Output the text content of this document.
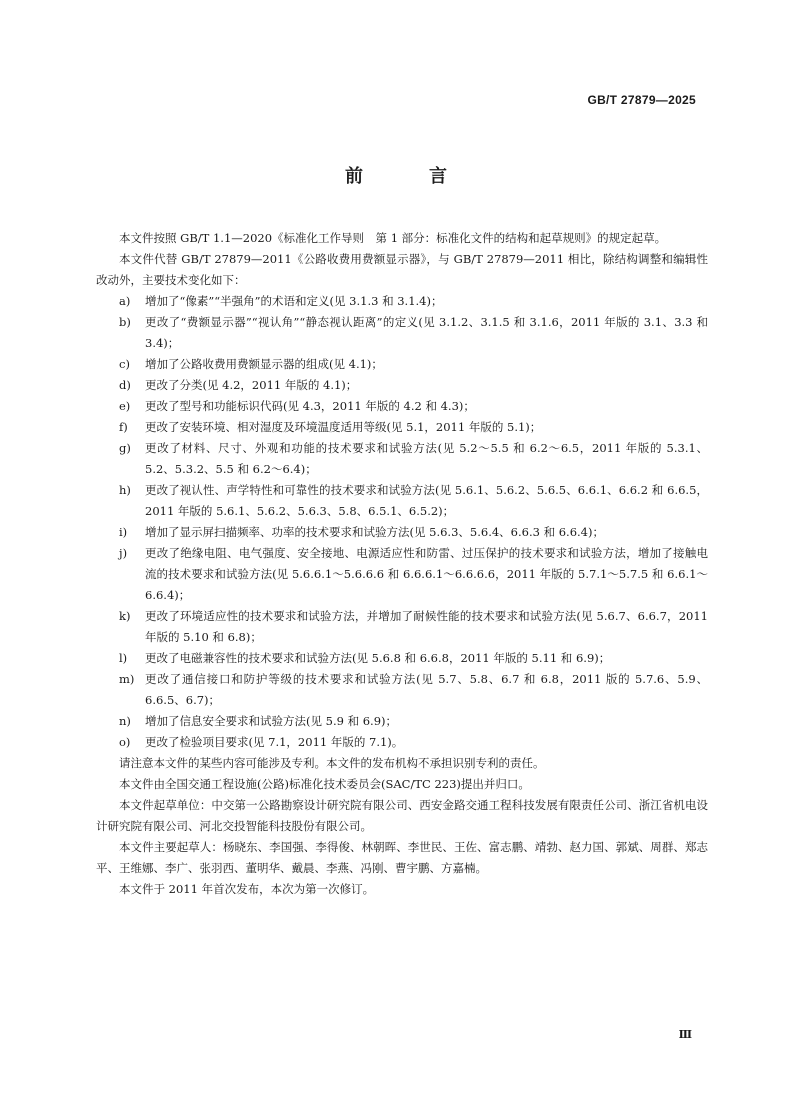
GB/T 27879—2025
前　言

本文件按照 GB/T 1.1—2020《标准化工作导则　第 1 部分：标准化文件的结构和起草规则》的规定起草。

本文件代替 GB/T 27879—2011《公路收费用费额显示器》，与 GB/T 27879—2011 相比，除结构调整和编辑性改动外，主要技术变化如下：

a)	增加了“像素”“半强角”的术语和定义(见 3.1.3 和 3.1.4)；
b)	更改了“费额显示器”“视认角”“静态视认距离”的定义(见 3.1.2、3.1.5 和 3.1.6，2011 年版的 3.1、3.3 和 3.4)；
c)	增加了公路收费用费额显示器的组成(见 4.1)；
d)	更改了分类(见 4.2，2011 年版的 4.1)；
e)	更改了型号和功能标识代码(见 4.3，2011 年版的 4.2 和 4.3)；
f)	更改了安装环境、相对湿度及环境温度适用等级(见 5.1，2011 年版的 5.1)；
g)	更改了材料、尺寸、外观和功能的技术要求和试验方法(见 5.2～5.5 和 6.2～6.5，2011 年版的 5.3.1、5.2、5.3.2、5.5 和 6.2～6.4)；
h)	更改了视认性、声学特性和可靠性的技术要求和试验方法(见 5.6.1、5.6.2、5.6.5、6.6.1、6.6.2 和 6.6.5，2011 年版的 5.6.1、5.6.2、5.6.3、5.8、6.5.1、6.5.2)；
i)	增加了显示屏扫描频率、功率的技术要求和试验方法(见 5.6.3、5.6.4、6.6.3 和 6.6.4)；
j)	更改了绝缘电阻、电气强度、安全接地、电源适应性和防雷、过压保护的技术要求和试验方法，增加了接触电流的技术要求和试验方法(见 5.6.6.1～5.6.6.6 和 6.6.6.1～6.6.6.6，2011 年版的 5.7.1～5.7.5 和 6.6.1～6.6.4)；
k)	更改了环境适应性的技术要求和试验方法，并增加了耐候性能的技术要求和试验方法(见 5.6.7、6.6.7，2011 年版的 5.10 和 6.8)；
l)	更改了电磁兼容性的技术要求和试验方法(见 5.6.8 和 6.6.8，2011 年版的 5.11 和 6.9)；
m) 更改了通信接口和防护等级的技术要求和试验方法(见 5.7、5.8、6.7 和 6.8，2011 版的 5.7.6、5.9、6.6.5、6.7)；
n)	增加了信息安全要求和试验方法(见 5.9 和 6.9)；
o)	更改了检验项目要求(见 7.1，2011 年版的 7.1)。

请注意本文件的某些内容可能涉及专利。本文件的发布机构不承担识别专利的责任。

本文件由全国交通工程设施(公路)标准化技术委员会(SAC/TC 223)提出并归口。

本文件起草单位：中交第一公路勘察设计研究院有限公司、西安金路交通工程科技发展有限责任公司、浙江省机电设计研究院有限公司、河北交投智能科技股份有限公司。

本文件主要起草人：杨晓东、李国强、李得俊、林朝晖、李世民、王佐、富志鹏、靖勃、赵力国、郭斌、周群、郑志平、王维娜、李广、张羽西、董明华、戴晨、李燕、冯刚、曹宇鹏、方嘉楠。

本文件于 2011 年首次发布，本次为第一次修订。

Ⅲ
